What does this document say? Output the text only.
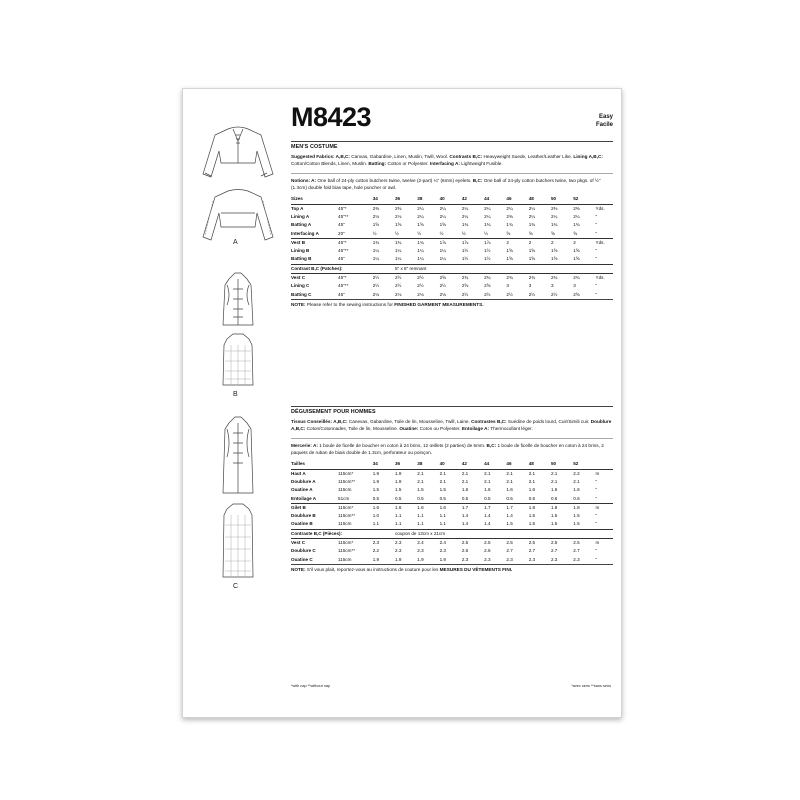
A
B
C
M8423	Easy
Facile
MEN'S COSTUME
Suggested Fabrics: A,B,C: Canvas, Gabardine, Linen, Muslin, Twill, Wool. Contrasts B,C: Heavyweight Suede, Leather/Leather Like. Lining A,B,C: Cotton/Cotton Blends, Linen, Muslin. Batting: Cotton or Polyester. Interfacing A: Lightweight Fusible.
Notions: A: One ball of 24-ply cotton butchers twine, twelve (2-part) ¼" (6mm) eyelets. B,C: One ball of 24-ply cotton butchers twine, two pkgs. of ½" (1.3cm) double fold bias tape, hole puncher or awl.
Sizes		34	36	38	40	42	44	46	48	50	52	
Top A	45"*	2⅜	2⅜	2¼	2¼	2¼	2¼	2¼	2¼	2⅜	2⅜	Yds.
Lining A	45"**	2⅛	2⅛	2¼	2¼	2¼	2¼	2⅜	2¼	2¼	2¼	"
Batting A	45"	1⅝	1⅝	1⅝	1⅝	1¾	1¾	1¾	1¾	1¾	1¾	"
Interfacing A	20"	½	½	½	½	½	½	⅝	⅝	⅝	⅝	"
Vest B	45"*	1¾	1¾	1¾	1⅞	1⅞	1⅞	2	2	2	2	Yds.
Lining B	45"**	1¼	1¼	1¼	1¼	1½	1½	1⅝	1⅝	1⅝	1⅝	"
Batting B	45"	1¼	1¼	1¼	1¼	1½	1½	1⅝	1⅝	1⅝	1⅝	"
Contrast B,C (Patches):			5" x 8" remnant									
Vest C	45"*	2½	2½	2½	2⅝	2¾	2¾	2¾	2¾	2¾	2¾	Yds.
Lining C	45"**	2½	2½	2½	2½	2⅝	2⅝	3	3	3	3	"
Batting C	45"	2⅛	2⅛	2⅛	2⅛	2½	2½	2½	2½	2½	2⅝	"
NOTE: Please refer to the sewing instructions for FINISHED GARMENT MEASUREMENTS.
DÉGUISEMENT POUR HOMMES
Tissus Conseillés: A,B,C: Canevas, Gabardine, Toile de lin, Mousseline, Twill, Laine. Contrastes B,C: Suédine de poids lourd, Cuir/Simili cuir. Doublure A,B,C: Coton/Cotonnades, Toile de lin, Mousseline. Ouatine: Coton ou Polyester. Entoilage A: Thermocollant léger.
Mercerie: A: 1 boule de ficelle de boucher en coton à 24 brins, 12 œillets (2 parties) de 6mm. B,C: 1 boule de ficelle de boucher en coton à 24 brins, 2 paquets de ruban de biais double de 1.3cm, perforateur ou poinçon.
Tailles		34	36	38	40	42	44	46	48	50	52	
Haut A	115cm*	1.9	1.9	2.1	2.1	2.1	2.1	2.1	2.1	2.1	2.2	m
Doublure A	115cm**	1.9	1.9	2.1	2.1	2.1	2.1	2.1	2.1	2.1	2.1	"
Ouatine A	115cm	1.5	1.5	1.5	1.5	1.6	1.6	1.6	1.6	1.6	1.6	"
Entoilage A	51cm	0.5	0.5	0.5	0.5	0.5	0.5	0.5	0.6	0.6	0.6	"
Gilet B	115cm*	1.6	1.6	1.6	1.6	1.7	1.7	1.7	1.8	1.8	1.8	m
Doublure B	115cm**	1.0	1.1	1.1	1.1	1.4	1.4	1.4	1.5	1.5	1.5	"
Ouatine B	115cm	1.1	1.1	1.1	1.1	1.4	1.4	1.5	1.5	1.5	1.5	"
Contraste B,C (Pièces):			coupon de 13cm x 21cm									
Vest C	115cm*	2.3	2.3	2.4	2.4	2.5	2.5	2.5	2.5	2.5	2.5	m
Doublure C	115cm**	2.2	2.3	2.3	2.3	2.6	2.6	2.7	2.7	2.7	2.7	"
Ouatine C	115cm	1.9	1.9	1.9	1.9	2.3	2.3	2.3	2.3	2.3	2.3	"
NOTE: S'il vous plait, reportez-vous au instructions de couture pour les MESURES DU VÊTEMENTS FINI.
*with nap **without nap	*avec sens **sans sens
